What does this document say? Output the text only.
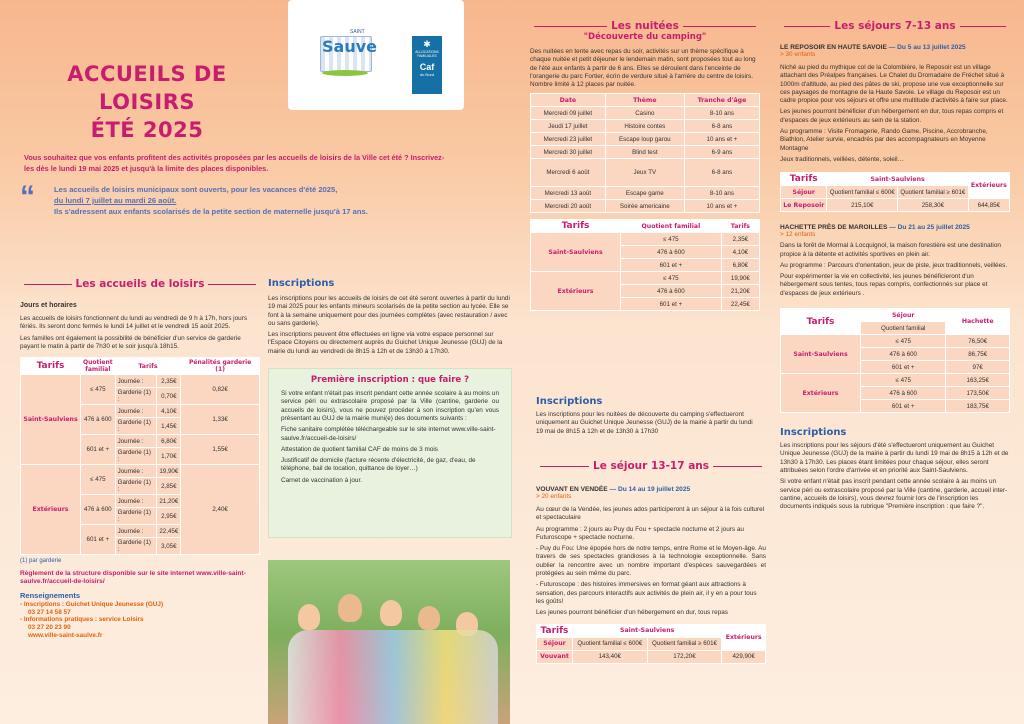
SAINT
Sauve	✱
ALLOCATIONS FAMILIALES
Caf
du Nord
ACCUEILS DE LOISIRS
ÉTÉ 2025
Vous souhaitez que vos enfants profitent des activités proposées par les accueils de loisirs de la Ville cet été ? Inscrivez-les dès le lundi 19 mai 2025 et jusqu'à la limite des places disponibles.
“	Les accueils de loisirs municipaux sont ouverts, pour les vacances d'été 2025,
du lundi 7 juillet au mardi 26 août.
Ils s'adressent aux enfants scolarisés de la petite section de maternelle jusqu'à 17 ans.
Les accueils de loisirs
Jours et horaires

Les accueils de loisirs fonctionnent du lundi au vendredi de 9 h à 17h, hors jours fériés. Ils seront donc fermés le lundi 14 juillet et le vendredi 15 août 2025.

Les familles ont également la possibilité de bénéficier d'un service de garderie payant le matin à partir de 7h30 et le soir jusqu'à 18h15.

Tarifs	Quotient familial	Tarifs		Pénalités garderie (1)
Saint-Saulviens	≤ 475	Journée :	2,35€	0,82€
		Garderie (1) :	0,70€	
	476 à 600	Journée :	4,10€	1,33€
		Garderie (1) :	1,45€	
	601 et +	Journée :	6,80€	1,55€
		Garderie (1) :	1,70€	
Extérieurs	≤ 475	Journée :	19,90€	2,40€
		Garderie (1) :	2,85€	
	476 à 600	Journée :	21,20€	
		Garderie (1) :	2,95€	
	601 et +	Journée :	22,45€	
		Garderie (1) :	3,05€	
(1) par garderie
Règlement de la structure disponible sur le site internet www.ville-saint-saulve.fr/accueil-de-loisirs/
Renseignements
- Inscriptions : Guichet Unique Jeunesse (GUJ)
03 27 14 58 57
- Informations pratiques : service Loisirs
03 27 20 23 90
www.ville-saint-saulve.fr
Inscriptions

Les inscriptions pour les accueils de loisirs de cet été seront ouvertes à partir du lundi 19 mai 2025 pour les enfants mineurs scolarisés de la petite section au lycée. Elle se font à la semaine uniquement pour des journées complètes (avec restauration / avec ou sans garderie).

Les inscriptions peuvent être effectuées en ligne via votre espace personnel sur l'Espace Citoyens ou directement auprès du Guichet Unique Jeunesse (GUJ) de la mairie du lundi au vendredi de 8h15 à 12h et de 13h30 à 17h30.

Première inscription : que faire ?

Si votre enfant n'était pas inscrit pendant cette année scolaire à au moins un service péri ou extrascolaire proposé par la Ville (cantine, garderie ou accueils de loisirs), vous ne pouvez procéder à son inscription qu'en vous présentant au GUJ de la mairie muni(e) des documents suivants :

Fiche sanitaire complétée téléchargeable sur le site internet www.ville-saint-saulve.fr/accueil-de-loisirs/

Attestation de quotient familial CAF de moins de 3 mois

Justificatif de domicile (facture récente d'électricité, de gaz, d'eau, de téléphone, bail de location, quittance de loyer…)

Carnet de vaccination à jour.

Les nuitées
"Découverte du camping"

Des nuitées en tente avec repas du soir, activités sur un thème spécifique à chaque nuitée et petit déjeuner le lendemain matin, sont proposées tout au long de l'été aux enfants à partir de 6 ans. Elles se déroulent dans l'enceinte de l'orangerie du parc Fortier, écrin de verdure situé à l'arrière du centre de loisirs. Nombre limité à 12 places par nuitée.

Date	Thème	Tranche d'âge
Mercredi 09 juillet	Casino	8-10 ans
Jeudi 17 juillet	Histoire contes	6-8 ans
Mercredi 23 juillet	Escape loup garou	10 ans et +
Mercredi 30 juillet	Blind test	6-9 ans
Mercredi 6 août	Jeux TV	6-8 ans
Mercredi 13 août	Escape game	8-10 ans
Mercredi 20 août	Soirée americaine	10 ans et +
Tarifs	Quotient familial	Tarifs
Saint-Saulviens	≤ 475	2,35€
	476 à 600	4,10€
	601 et +	6,80€
Extérieurs	≤ 475	19,90€
	476 à 600	21,20€
	601 et +	22,45€
Inscriptions

Les inscriptions pour les nuitées de découverte du camping s'effectueront uniquement au Guichet Unique Jeunesse (GUJ) de la mairie à partir du lundi 19 mai de 8h15 à 12h et de 13h30 à 17h30

Le séjour 13-17 ans
VOUVANT EN VENDÉE — Du 14 au 19 juillet 2025
> 20 enfants

Au cœur de la Vendée, les jeunes ados participeront à un séjour à la fois culturel et spectaculaire

Au programme : 2 jours au Puy du Fou + spectacle nocturne et 2 jours au Futuroscope + spectacle nocturne.

- Puy du Fou: Une épopée hors de notre temps, entre Rome et le Moyen-âge. Au travers de ses spectacles grandioses à la technologie exceptionnelle. Sans oublier la rencontre avec un nombre important d'espèces sauvegardées et protégées au sein même du parc.

- Futuroscope : des histoires immersives en format géant aux attractions à sensation, des parcours interactifs aux activités de plein air, il y en a pour tous les goûts!

Les jeunes pourront bénéficier d'un hébergement en dur, tous repas

Tarifs	Saint-Saulviens		Extérieurs
Séjour	Quotient familial ≤ 600€	Quotient familial ≥ 601€	
Vouvant	143,40€	172,20€	429,90€
Les séjours 7-13 ans
LE REPOSOIR EN HAUTE SAVOIE — Du 5 au 13 juillet 2025
> 30 enfants

Niché au pied du mythique col de la Colombière, le Reposoir est un village attachant des Préalpes françaises. Le Chalet du Dromadaire de Fréchet situé à 1000m d'altitude, au pied des pâtes de ski, propose une vue exceptionnelle sur ces paysages de montagne de la Haute Savoie. Le village du Reposoir est un cadre propice pour vos séjours et offre une multitude d'activités à faire sur place.

Les jeunes pourront bénéficier d'un hébergement en dur, tous repas compris et d'espaces de jeux extérieurs au sein de la station.

Au programme : Visite Fromagerie, Rando Game, Piscine, Accrobranche, Biathlon, Atelier survie, encadrés par des accompagnateurs en Moyenne Montagne

Jeux traditionnels, veillées, détente, soleil…

Tarifs	Saint-Saulviens		Extérieurs
Séjour	Quotient familial ≤ 600€	Quotient familial ≥ 601€	
Le Reposoir	215,10€	258,30€	644,85€
HACHETTE PRÈS DE MAROILLES — Du 21 au 25 juillet 2025
> 12 enfants

Dans la forêt de Mormal à Locquignol, la maison forestière est une destination propice à la détente et activités sportives en plein air.

Au programme : Parcours d'orientation, jeux de piste, jeux traditionnels, veillées.

Pour expérimenter la vie en collectivité, les jeunes bénéficieront d'un hébergement sous tentes, tous repas compris, confectionnés sur place et d'espaces de jeux extérieurs .

Tarifs	Séjour	Hachette
	Quotient familial	
Saint-Saulviens	≤ 475	76,50€
	476 à 600	86,75€
	601 et +	97€
Extérieurs	≤ 475	163,25€
	476 à 600	173,50€
	601 et +	183,75€
Inscriptions

Les inscriptions pour les séjours d'été s'effectueront uniquement au Guichet Unique Jeunesse (GUJ) de la mairie à partir du lundi 19 mai de 8h15 à 12h et de 13h30 à 17h30. Les places étant limitées pour chaque séjour, elles seront attribuées selon l'ordre d'arrivée et en priorité aux Saint-Saulviens.

Si votre enfant n'était pas inscrit pendant cette année scolaire à au moins un service péri ou extrascolaire proposé par la Ville (cantine, garderie, accueil inter-cantine, accueils de loisirs), vous devrez fournir lors de l'inscription les documents indiqués sous la rubrique "Première inscription : que faire ?".
